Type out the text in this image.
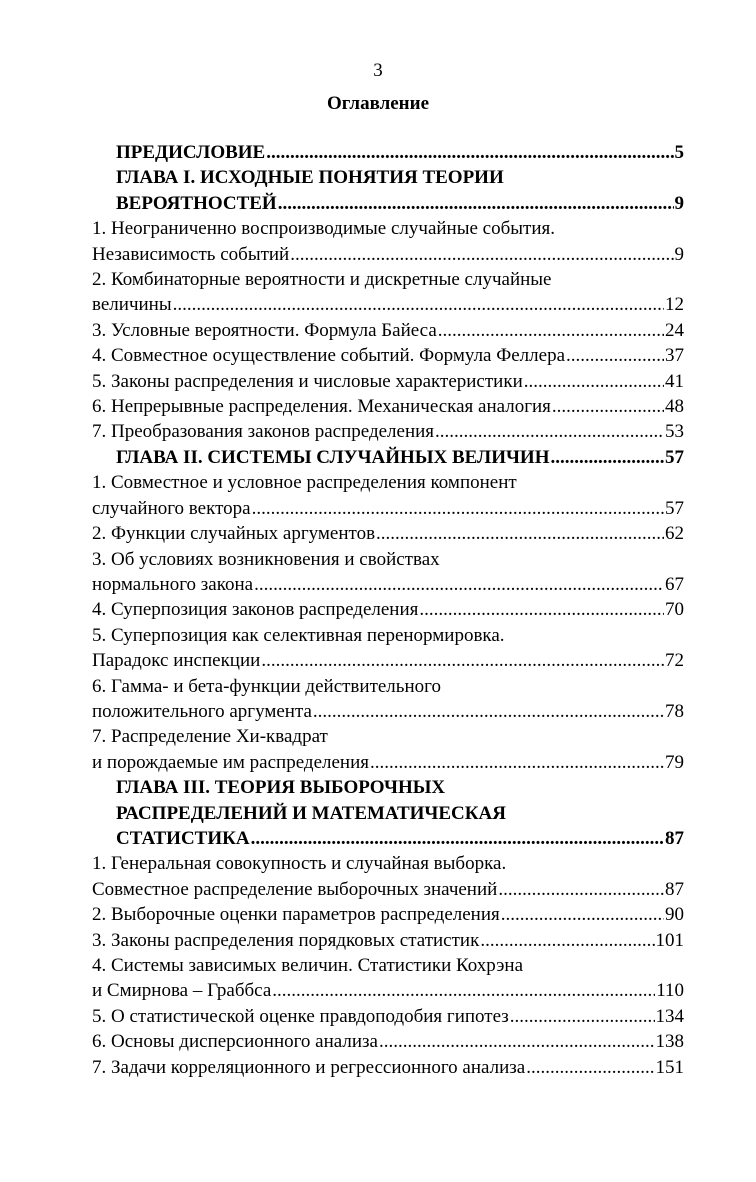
3
Оглавление
ПРЕДИСЛОВИЕ .....	5
ГЛАВА I. ИСХОДНЫЕ ПОНЯТИЯ ТЕОРИИ
ВЕРОЯТНОСТЕЙ .....	9
1. Неограниченно воспроизводимые случайные события.
Независимость событий .....	9
2. Комбинаторные вероятности и дискретные случайные
величины .....	12
3. Условные вероятности. Формула Байеса .....	24
4. Совместное осуществление событий. Формула Феллера .....	37
5. Законы распределения и числовые характеристики .....	41
6. Непрерывные распределения. Механическая аналогия .....	48
7. Преобразования законов распределения .....	53
ГЛАВА II. СИСТЕМЫ СЛУЧАЙНЫХ ВЕЛИЧИН .....	57
1. Совместное и условное распределения компонент
случайного вектора .....	57
2. Функции случайных аргументов .....	62
3. Об условиях возникновения и свойствах
нормального закона .....	67
4. Суперпозиция законов распределения .....	70
5. Суперпозиция как селективная перенормировка.
Парадокс инспекции .....	72
6. Гамма- и бета-функции действительного
положительного аргумента .....	78
7. Распределение Хи-квадрат
и порождаемые им распределения .....	79
ГЛАВА III. ТЕОРИЯ ВЫБОРОЧНЫХ
РАСПРЕДЕЛЕНИЙ И МАТЕМАТИЧЕСКАЯ
СТАТИСТИКА .....	87
1. Генеральная совокупность и случайная выборка.
Совместное распределение выборочных значений .....	87
2. Выборочные оценки параметров распределения .....	90
3. Законы распределения порядковых статистик .....	101
4. Системы зависимых величин. Статистики Кохрэна
и Смирнова – Граббса .....	110
5. О статистической оценке правдоподобия гипотез .....	134
6. Основы дисперсионного анализа .....	138
7. Задачи корреляционного и регрессионного анализа .....	151
